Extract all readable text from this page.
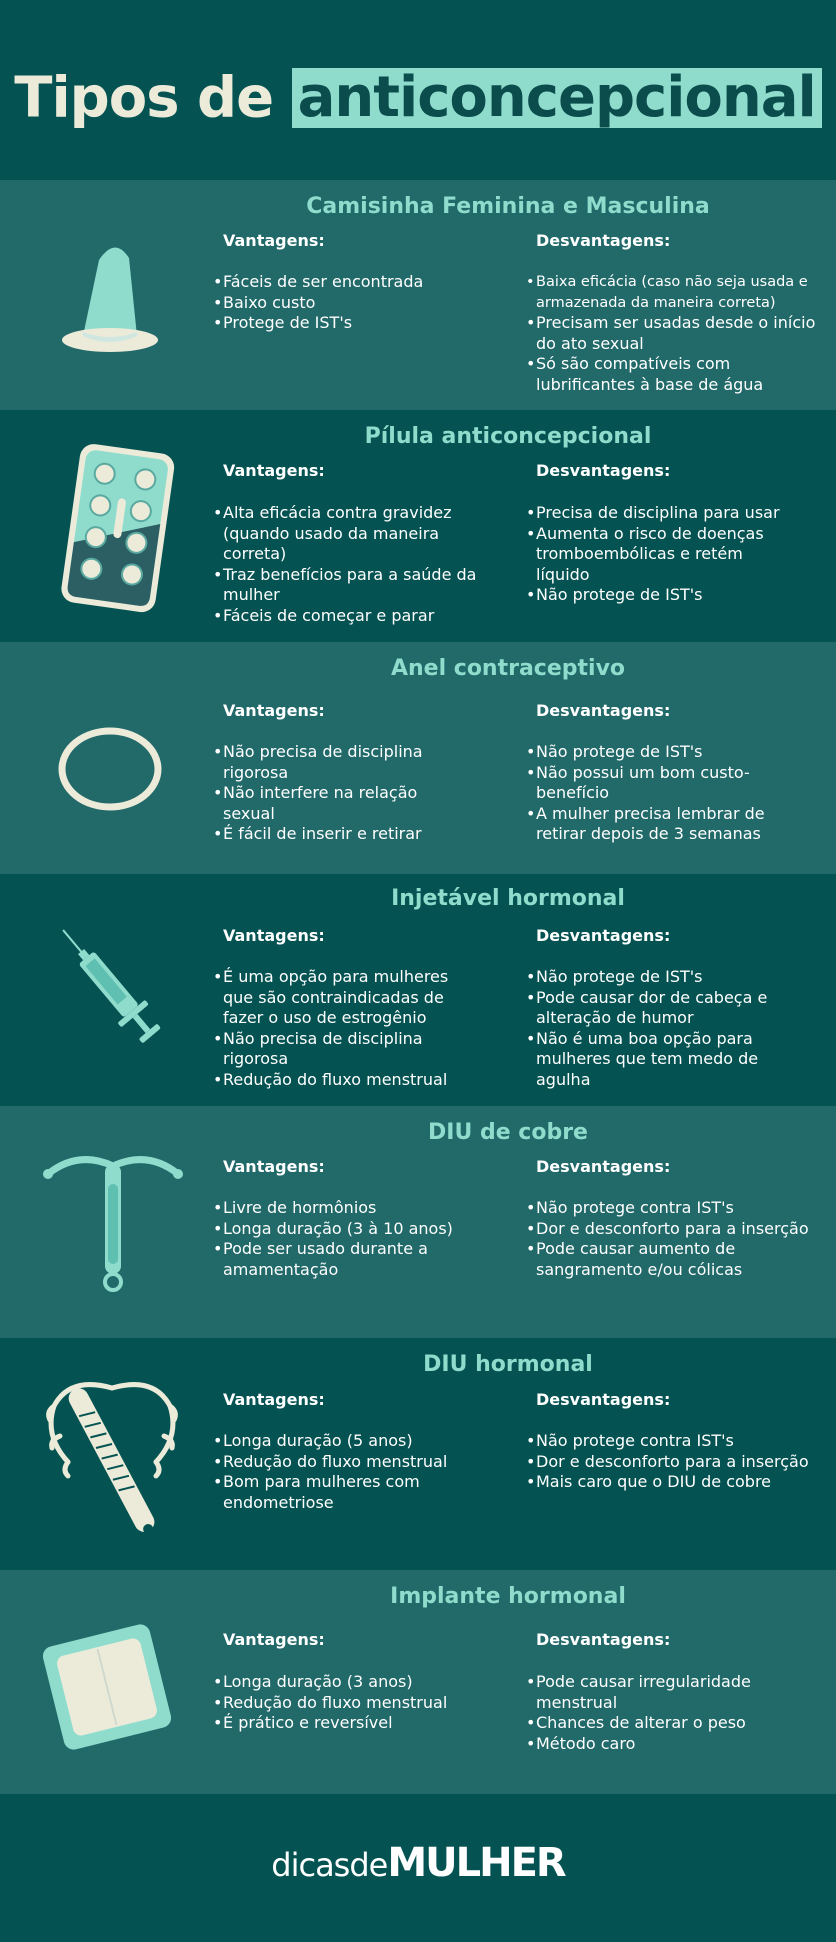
Tipos de anticoncepcional
Camisinha Feminina e Masculina
Vantagens:	Desvantagens:
• Fáceis de ser encontrada
• Baixo custo
• Protege de IST's
• Baixa eficácia (caso não seja usada e armazenada da maneira correta)
• Precisam ser usadas desde o início do ato sexual
• Só são compatíveis com lubrificantes à base de água
Pílula anticoncepcional
Vantagens:	Desvantagens:
• Alta eficácia contra gravidez (quando usado da maneira correta)
• Traz benefícios para a saúde da mulher
• Fáceis de começar e parar
• Precisa de disciplina para usar
• Aumenta o risco de doenças tromboembólicas e retém líquido
• Não protege de IST's
Anel contraceptivo
Vantagens:	Desvantagens:
• Não precisa de disciplina rigorosa
• Não interfere na relação sexual
• É fácil de inserir e retirar
• Não protege de IST's
• Não possui um bom custo-benefício
• A mulher precisa lembrar de retirar depois de 3 semanas
Injetável hormonal
Vantagens:	Desvantagens:
• É uma opção para mulheres que são contraindicadas de fazer o uso de estrogênio
• Não precisa de disciplina rigorosa
• Redução do fluxo menstrual
• Não protege de IST's
• Pode causar dor de cabeça e alteração de humor
• Não é uma boa opção para mulheres que tem medo de agulha
DIU de cobre
Vantagens:	Desvantagens:
• Livre de hormônios
• Longa duração (3 à 10 anos)
• Pode ser usado durante a amamentação
• Não protege contra IST's
• Dor e desconforto para a inserção
• Pode causar aumento de sangramento e/ou cólicas
DIU hormonal
Vantagens:	Desvantagens:
• Longa duração (5 anos)
• Redução do fluxo menstrual
• Bom para mulheres com endometriose
• Não protege contra IST's
• Dor e desconforto para a inserção
• Mais caro que o DIU de cobre
Implante hormonal
Vantagens:	Desvantagens:
• Longa duração (3 anos)
• Redução do fluxo menstrual
• É prático e reversível
• Pode causar irregularidade menstrual
• Chances de alterar o peso
• Método caro
dicasdeMULHER
